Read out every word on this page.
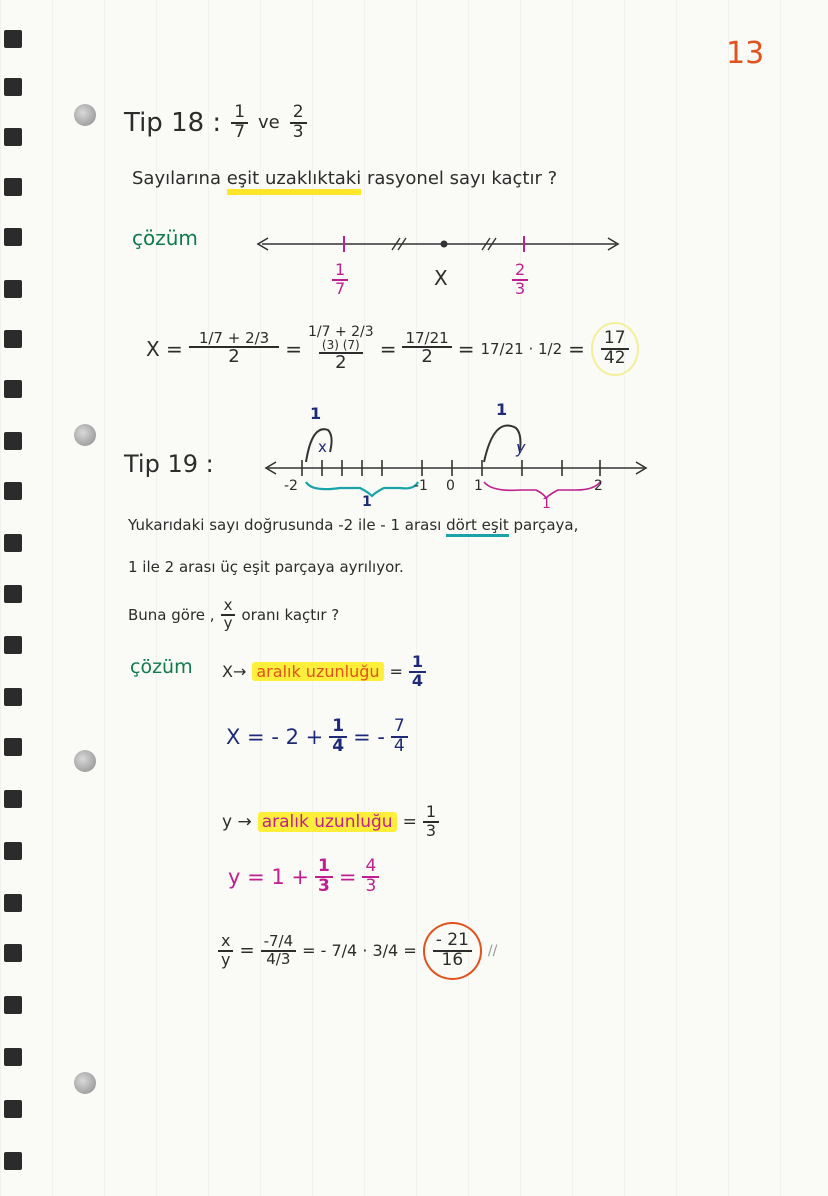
13
Tip 18 : $\frac{1}{7}$ ve $\frac{2}{3}$
Sayılarına eşit uzaklıktaki rasyonel sayı kaçtır ?
çözüm
$\frac{1}{7}$	X	$\frac{2}{3}$
$X = \frac{1/7 + 2/3}{2}$ =
1/7 + 2/3
(3) (7)
2
= $\frac{17/21}{2} = 17/21 \cdot 1/2 = \frac{17}{42}$
Tip 19 :
1
x
1
y
-2	-1 0 1	2
1	1
Yukarıdaki sayı doğrusunda -2 ile - 1 arası dört eşit parçaya,
1 ile 2 arası üç eşit parçaya ayrılıyor.
Buna göre , $\frac{x}{y}$ oranı kaçtır ?
çözüm X→ aralık uzunluğu = $\frac{1}{4}$
X = - $2 + \frac{1}{4}$ = - $\frac{7}{4}$
y → aralık uzunluğu = $\frac{1}{3}$
$y = 1 + \frac{1}{3} = \frac{4}{3}$
$\frac{x}{y} = \frac{-7/4}{4/3}$ = - $7/4 \cdot 3/4 = \frac{- 21}{16}$ //
